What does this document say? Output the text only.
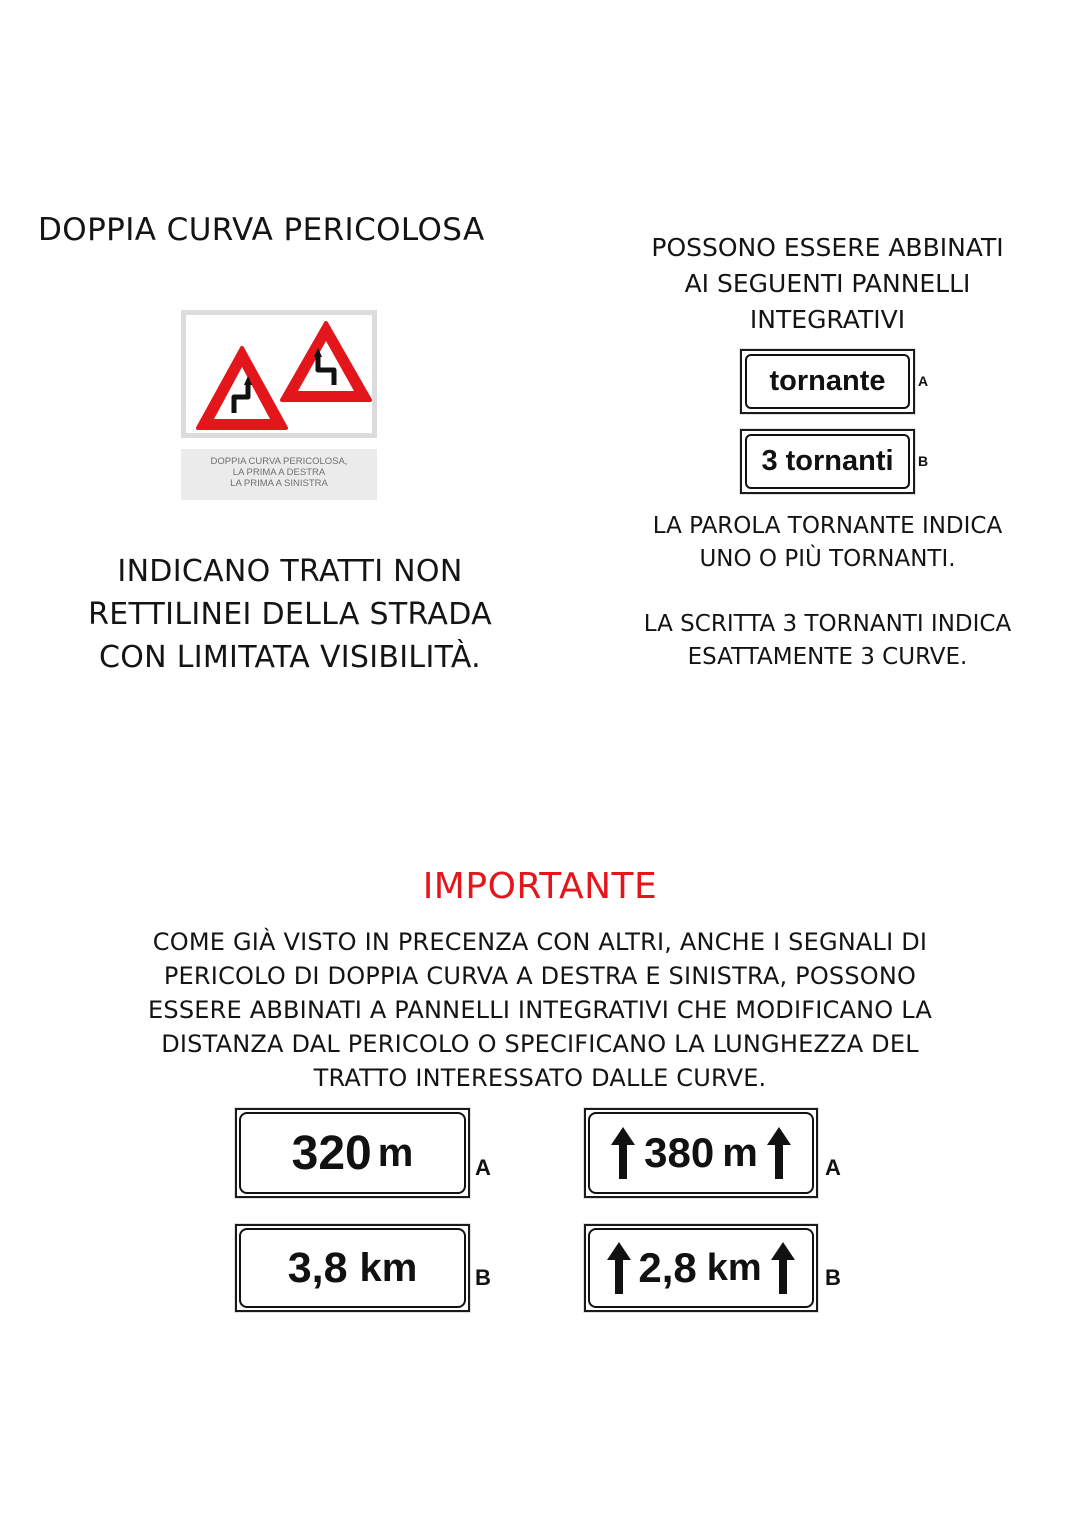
DOPPIA CURVA PERICOLOSA
DOPPIA CURVA PERICOLOSA,
LA PRIMA A DESTRA
LA PRIMA A SINISTRA
INDICANO TRATTI NON
RETTILINEI DELLA STRADA
CON LIMITATA VISIBILITÀ.
POSSONO ESSERE ABBINATI
AI SEGUENTI PANNELLI
INTEGRATIVI
tornante	A
3 tornanti	B
LA PAROLA TORNANTE INDICA
UNO O PIÙ TORNANTI.
LA SCRITTA 3 TORNANTI INDICA
ESATTAMENTE 3 CURVE.
IMPORTANTE
COME GIÀ VISTO IN PRECENZA CON ALTRI, ANCHE I SEGNALI DI
PERICOLO DI DOPPIA CURVA A DESTRA E SINISTRA, POSSONO
ESSERE ABBINATI A PANNELLI INTEGRATIVI CHE MODIFICANO LA
DISTANZA DAL PERICOLO O SPECIFICANO LA LUNGHEZZA DEL
TRATTO INTERESSATO DALLE CURVE.
320 m	A
3,8 km	B
380 m	A
2,8 km	B
